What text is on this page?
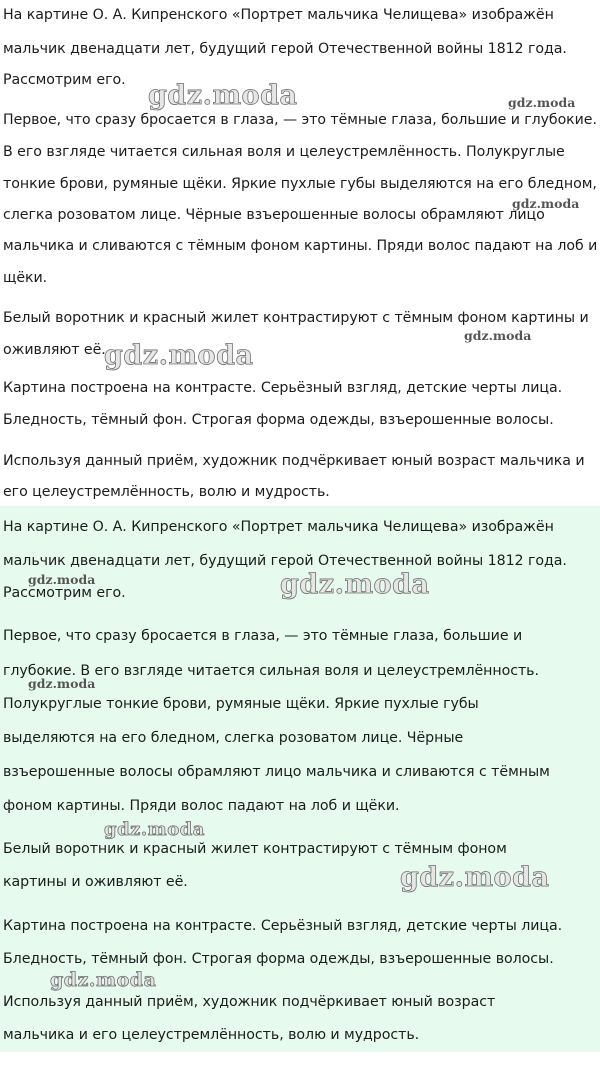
На картине О. А. Кипренского «Портрет мальчика Челищева» изображён

мальчик двенадцати лет, будущий герой Отечественной войны 1812 года.

Рассмотрим его.

Первое, что сразу бросается в глаза, — это тёмные глаза, большие и глубокие.

В его взгляде читается сильная воля и целеустремлённость. Полукруглые

тонкие брови, румяные щёки. Яркие пухлые губы выделяются на его бледном,

слегка розоватом лице. Чёрные взъерошенные волосы обрамляют лицо

мальчика и сливаются с тёмным фоном картины. Пряди волос падают на лоб и

щёки.

Белый воротник и красный жилет контрастируют с тёмным фоном картины и

оживляют её.

Картина построена на контрасте. Серьёзный взгляд, детские черты лица.

Бледность, тёмный фон. Строгая форма одежды, взъерошенные волосы.

Используя данный приём, художник подчёркивает юный возраст мальчика и

его целеустремлённость, волю и мудрость.

gdz.moda	gdz.moda
gdz.moda
gdz.moda
gdz.moda

На картине О. А. Кипренского «Портрет мальчика Челищева» изображён

мальчик двенадцати лет, будущий герой Отечественной войны 1812 года.

Рассмотрим его.

Первое, что сразу бросается в глаза, — это тёмные глаза, большие и

глубокие. В его взгляде читается сильная воля и целеустремлённость.

Полукруглые тонкие брови, румяные щёки. Яркие пухлые губы

выделяются на его бледном, слегка розоватом лице. Чёрные

взъерошенные волосы обрамляют лицо мальчика и сливаются с тёмным

фоном картины. Пряди волос падают на лоб и щёки.

Белый воротник и красный жилет контрастируют с тёмным фоном

картины и оживляют её.

Картина построена на контрасте. Серьёзный взгляд, детские черты лица.

Бледность, тёмный фон. Строгая форма одежды, взъерошенные волосы.

Используя данный приём, художник подчёркивает юный возраст

мальчика и его целеустремлённость, волю и мудрость.

gdz.moda	gdz.moda
gdz.moda
gdz.moda
gdz.moda
gdz.moda
